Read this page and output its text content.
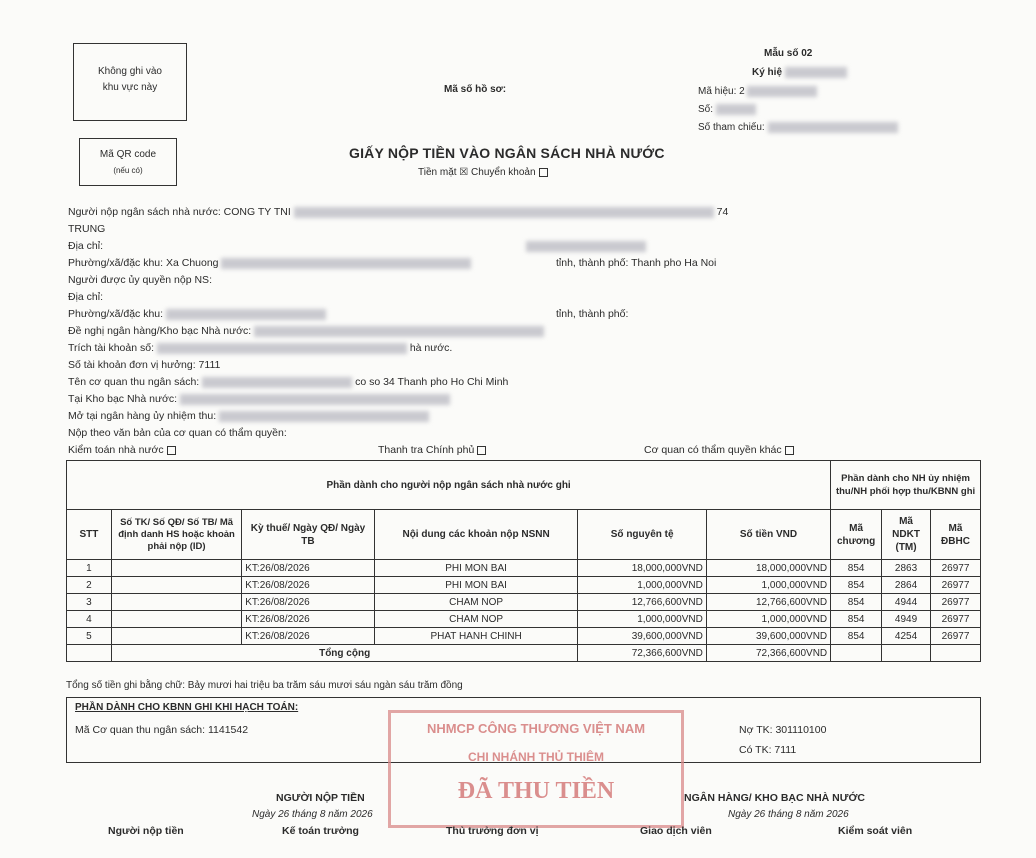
Không ghi vào khu vực này
Mã QR code
(nếu có)
Mã số hồ sơ:
Mẫu số 02
Ký hiệ
Mã hiệu: 2
Số:
Số tham chiếu:
GIẤY NỘP TIỀN VÀO NGÂN SÁCH NHÀ NƯỚC
Tiền mặt ☒ Chuyển khoản
Người nộp ngân sách nhà nước: CONG TY TNI	74
TRUNG
Địa chỉ:
Phường/xã/đặc khu: Xa Chuong	tỉnh, thành phố: Thanh pho Ha Noi
Người được ủy quyền nộp NS:
Địa chỉ:
Phường/xã/đặc khu:	tỉnh, thành phố:
Đề nghị ngân hàng/Kho bạc Nhà nước:
Trích tài khoản số:	hà nước.
Số tài khoản đơn vị hưởng: 7111
Tên cơ quan thu ngân sách:	co so 34 Thanh pho Ho Chi Minh
Tại Kho bạc Nhà nước:
Mở tại ngân hàng ủy nhiệm thu:
Nộp theo văn bản của cơ quan có thẩm quyền:
Kiểm toán nhà nước	Thanh tra Chính phủ	Cơ quan có thẩm quyền khác
Phần dành cho người nộp ngân sách nhà nước ghi						Phần dành cho NH ủy nhiệm thu/NH phối hợp thu/KBNN ghi		
STT	Số TK/ Số QĐ/ Số TB/ Mã định danh HS hoặc khoản phải nộp (ID)	Kỳ thuế/ Ngày QĐ/ Ngày TB	Nội dung các khoản nộp NSNN	Số nguyên tệ	Số tiền VND	Mã chương	Mã NDKT (TM)	Mã ĐBHC
1		KT:26/08/2026	PHI MON BAI	18,000,000VND	18,000,000VND	854	2863	26977
2		KT:26/08/2026	PHI MON BAI	1,000,000VND	1,000,000VND	854	2864	26977
3		KT:26/08/2026	CHAM NOP	12,766,600VND	12,766,600VND	854	4944	26977
4		KT:26/08/2026	CHAM NOP	1,000,000VND	1,000,000VND	854	4949	26977
5		KT:26/08/2026	PHAT HANH CHINH	39,600,000VND	39,600,000VND	854	4254	26977
	Tổng cộng			72,366,600VND	72,366,600VND			
Tổng số tiền ghi bằng chữ: Bảy mươi hai triệu ba trăm sáu mươi sáu ngàn sáu trăm đồng
PHẦN DÀNH CHO KBNN GHI KHI HẠCH TOÁN:
Mã Cơ quan thu ngân sách: 1141542	Nợ TK: 301110100
Có TK: 7111
NHMCP CÔNG THƯƠNG VIỆT NAM
CHI NHÁNH THỦ THIÊM
ĐÃ THU TIỀN
NGƯỜI NỘP TIỀN
Ngày 26 tháng 8 năm 2026
NGÂN HÀNG/ KHO BẠC NHÀ NƯỚC
Ngày 26 tháng 8 năm 2026
Người nộp tiền	Kế toán trưởng	Thủ trưởng đơn vị	Giao dịch viên	Kiểm soát viên
